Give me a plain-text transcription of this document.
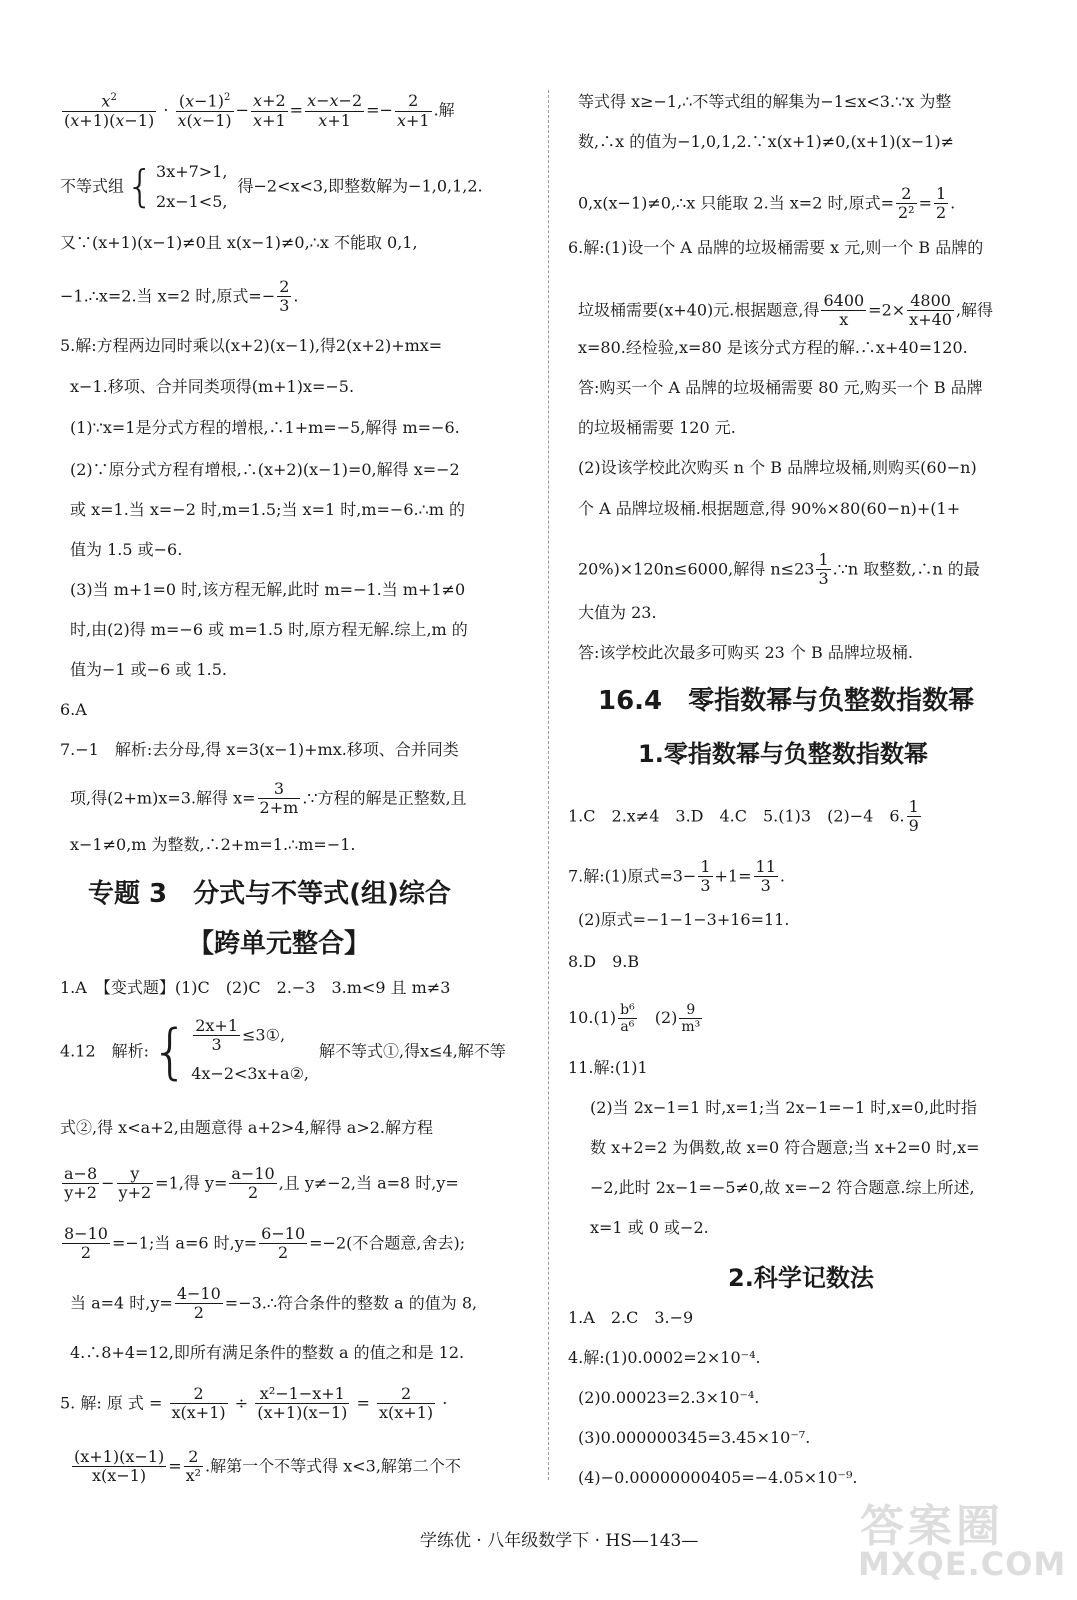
$\frac{x^2}{(x+1)(x-1)} \cdot \frac{(x-1)^2}{x(x-1)} - \frac{x+2}{x+1} = \frac{x-x-2}{x+1} =- \frac{2}{x+1}$ .解
不等式组{ 3x+7>1,
2x−1<5,
得−2<x<3,即整数解为−1,0,1,2.
又∵(x+1)(x−1)≠0且 x(x−1)≠0,∴x 不能取 0,1,
−1.∴x=2.当 x=2 时,原式=− $\frac{2}{3}$ .
5.解:方程两边同时乘以(x+2)(x−1),得2(x+2)+mx=
x−1.移项、合并同类项得(m+1)x=−5.
(1)∵x=1是分式方程的增根,∴1+m=−5,解得 m=−6.
(2)∵原分式方程有增根,∴(x+2)(x−1)=0,解得 x=−2
或 x=1.当 x=−2 时,m=1.5;当 x=1 时,m=−6.∴m 的
值为 1.5 或−6.
(3)当 m+1=0 时,该方程无解,此时 m=−1.当 m+1≠0
时,由(2)得 m=−6 或 m=1.5 时,原方程无解.综上,m 的
值为−1 或−6 或 1.5.
6.A
7.−1　解析:去分母,得 x=3(x−1)+mx.移项、合并同类
项,得(2+m)x=3.解得 $x= \frac{3}{2+m}$ .∵方程的解是正整数,且
x−1≠0,m 为整数,∴2+m=1.∴m=−1.
专题 3　分式与不等式(组)综合
【跨单元整合】
1.A　【变式题】(1)C　(2)C　2.−3　3.m<9 且 m≠3
4.12　解析:{ $\frac{2x+1}{3}$ ≤3①,
4x−2<3x+a②,
解不等式①,得x≤4,解不等
式②,得 x<a+2,由题意得 a+2>4,解得 a>2.解方程
$\frac{a-8}{y+2} - \frac{y}{y+2} =1$,得 $y= \frac{a-10}{2}$ ,且 y≠−2,当 a=8 时,y=
$\frac{8-10}{2} =-1$;当 a=6 时$,y= \frac{6-10}{2} =-2$(不合题意,舍去);
当 a=4 时$,y= \frac{4-10}{2}$ =−3.∴符合条件的整数 a 的值为 8,
4.∴8+4=12,即所有满足条件的整数 a 的值之和是 12.
5. 解: 原 式 = $\frac{2}{x(x+1)} \div \frac{\text{x²−1−x+1}}{(x+1)(x-1)} = \frac{2}{x(x+1)}$ ·
$\frac{(x+1)(x-1)}{x(x-1)} = \frac{2}{\text{x²}}$ .解第一个不等式得 x<3,解第二个不
等式得 x≥−1,∴不等式组的解集为−1≤x<3.∵x 为整
数,∴x 的值为−1,0,1,2.∵x(x+1)≠0,(x+1)(x−1)≠
0,x(x−1)≠0,∴x 只能取 2.当 x=2 时,原式= $\frac{2}{\text{2²}} = \frac{1}{2}$ .
6.解:(1)设一个 A 品牌的垃圾桶需要 x 元,则一个 B 品牌的
垃圾桶需要(x+40)元.根据题意,得 $\frac{6400}{x} =2\times \frac{4800}{x+40}$ ,解得
x=80.经检验,x=80 是该分式方程的解.∴x+40=120.
答:购买一个 A 品牌的垃圾桶需要 80 元,购买一个 B 品牌
的垃圾桶需要 120 元.
(2)设该学校此次购买 n 个 B 品牌垃圾桶,则购买(60−n)
个 A 品牌垃圾桶.根据题意,得 90%×80(60−n)+(1+
20%)×120n≤6000,解得 $n\le 23 \frac{1}{3}$ .∵n 取整数,∴n 的最
大值为 23.
答:该学校此次最多可购买 23 个 B 品牌垃圾桶.
16.4　零指数幂与负整数指数幂
1.零指数幂与负整数指数幂
1.C　2.x≠4　3.D　4.C　5.(1)3　(2)−4　6. $\frac{1}{9}$
7.解:(1)原式$=3- \frac{1}{3} +1= \frac{11}{3}$ .
(2)原式=−1−1−3+16=11.
8.D　9.B
$10.(1) \frac{\text{b⁶}}{\text{a⁶}}$
　 $(2) \frac{9}{\text{m³}}$
11.解:(1)1
(2)当 2x−1=1 时,x=1;当 2x−1=−1 时,x=0,此时指
数 x+2=2 为偶数,故 x=0 符合题意;当 x+2=0 时,x=
−2,此时 2x−1=−5≠0,故 x=−2 符合题意.综上所述,
x=1 或 0 或−2.
2.科学记数法
1.A　2.C　3.−9
4.解:(1)0.0002=2×10⁻⁴.
(2)0.00023=2.3×10⁻⁴.
(3)0.000000345=3.45×10⁻⁷.
(4)−0.00000000405=−4.05×10⁻⁹.
学练优 · 八年级数学下 · HS—143—	答案圈
MXQE.COM
